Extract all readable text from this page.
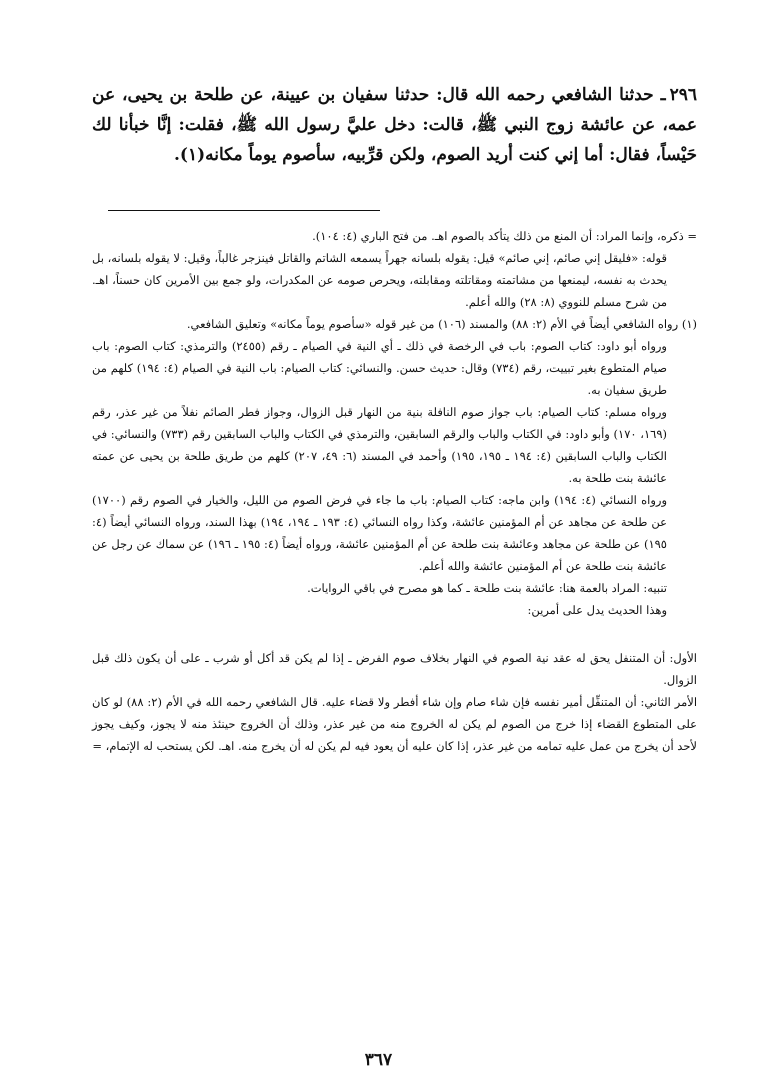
٢٩٦ـ حدثنا الشافعي رحمه الله قال: حدثنا سفيان بن عيينة، عن طلحة بن يحيى، عن عمه، عن عائشة زوج النبي ﷺ، قالت: دخل عليَّ رسول الله ﷺ، فقلت: إنَّا خبأنا لك حَيْساً، فقال: أما إني كنت أريد الصوم، ولكن قرِّبيه، سأصوم يوماً مكانه(١).

= ذكره، وإنما المراد: أن المنع من ذلك يتأكد بالصوم اهـ. من فتح الباري (٤: ١٠٤).

قوله: «فليقل إني صائم، إني صائم» قيل: يقوله بلسانه جهراً يسمعه الشاتم والقاتل فينزجر غالباً، وقيل: لا يقوله بلسانه، بل يحدث به نفسه، ليمنعها من مشاتمته ومقاتلته ومقابلته، ويحرص صومه عن المكدرات، ولو جمع بين الأمرين كان حسناً، اهـ. من شرح مسلم للنووي (٨: ٢٨) والله أعلم.

(١) رواه الشافعي أيضاً في الأم (٢: ٨٨) والمسند (١٠٦) من غير قوله «سأصوم يوماً مكانه» وتعليق الشافعي.

ورواه أبو داود: كتاب الصوم: باب في الرخصة في ذلك ـ أي النية في الصيام ـ رقم (٢٤٥٥) والترمذي: كتاب الصوم: باب صيام المتطوع بغير تبييت، رقم (٧٣٤) وقال: حديث حسن. والنسائي: كتاب الصيام: باب النية في الصيام (٤: ١٩٤) كلهم من طريق سفيان به.

ورواه مسلم: كتاب الصيام: باب جواز صوم النافلة بنية من النهار قبل الزوال، وجواز فطر الصائم نفلاً من غير عذر، رقم (١٦٩، ١٧٠) وأبو داود: في الكتاب والباب والرقم السابقين، والترمذي في الكتاب والباب السابقين رقم (٧٣٣) والنسائي: في الكتاب والباب السابقين (٤: ١٩٤ ـ ١٩٥، ١٩٥) وأحمد في المسند (٦: ٤٩، ٢٠٧) كلهم من طريق طلحة بن يحيى عن عمته عائشة بنت طلحة به.

ورواه النسائي (٤: ١٩٤) وابن ماجه: كتاب الصيام: باب ما جاء في فرض الصوم من الليل، والخيار في الصوم رقم (١٧٠٠) عن طلحة عن مجاهد عن أم المؤمنين عائشة، وكذا رواه النسائي (٤: ١٩٣ ـ ١٩٤، ١٩٤) بهذا السند، ورواه النسائي أيضاً (٤: ١٩٥) عن طلحة عن مجاهد وعائشة بنت طلحة عن أم المؤمنين عائشة، ورواه أيضاً (٤: ١٩٥ ـ ١٩٦) عن سماك عن رجل عن عائشة بنت طلحة عن أم المؤمنين عائشة والله أعلم.

تنبيه: المراد بالعمة هنا: عائشة بنت طلحة ـ كما هو مصرح في باقي الروايات.

وهذا الحديث يدل على أمرين:

الأول: أن المتنفل يحق له عقد نية الصوم في النهار بخلاف صوم الفرض ـ إذا لم يكن قد أكل أو شرب ـ على أن يكون ذلك قبل الزوال.

الأمر الثاني: أن المتنفِّل أمير نفسه فإن شاء صام وإن شاء أفطر ولا قضاء عليه. قال الشافعي رحمه الله في الأم (٢: ٨٨) لو كان على المتطوع القضاء إذا خرج من الصوم لم يكن له الخروج منه من غير عذر، وذلك أن الخروج حينئذ منه لا يجوز، وكيف يجوز لأحد أن يخرج من عمل عليه تمامه من غير عذر، إذا كان عليه أن يعود فيه لم يكن له أن يخرج منه. اهـ. لكن يستحب له الإتمام، =

٣٦٧
